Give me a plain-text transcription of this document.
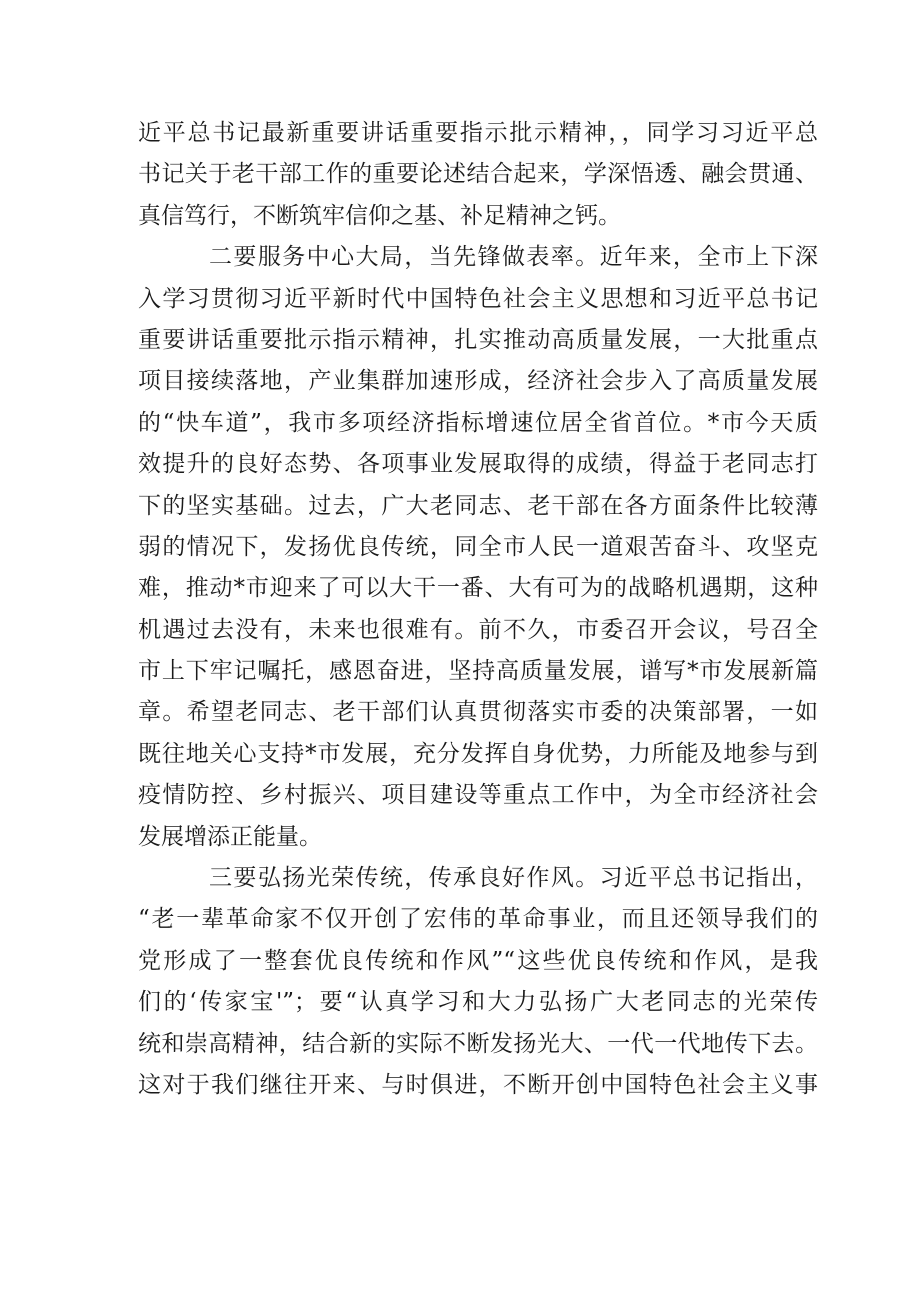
近平总书记最新重要讲话重要指示批示精神，，同学习习近平总
书记关于老干部工作的重要论述结合起来，学深悟透、融会贯通、
真信笃行，不断筑牢信仰之基、补足精神之钙。
二要服务中心大局，当先锋做表率。近年来，全市上下深
入学习贯彻习近平新时代中国特色社会主义思想和习近平总书记
重要讲话重要批示指示精神，扎实推动高质量发展，一大批重点
项目接续落地，产业集群加速形成，经济社会步入了高质量发展
的“快车道”，我市多项经济指标增速位居全省首位。*市今天质
效提升的良好态势、各项事业发展取得的成绩，得益于老同志打
下的坚实基础。过去，广大老同志、老干部在各方面条件比较薄
弱的情况下，发扬优良传统，同全市人民一道艰苦奋斗、攻坚克
难，推动*市迎来了可以大干一番、大有可为的战略机遇期，这种
机遇过去没有，未来也很难有。前不久，市委召开会议，号召全
市上下牢记嘱托，感恩奋进，坚持高质量发展，谱写*市发展新篇
章。希望老同志、老干部们认真贯彻落实市委的决策部署，一如
既往地关心支持*市发展，充分发挥自身优势，力所能及地参与到
疫情防控、乡村振兴、项目建设等重点工作中，为全市经济社会
发展增添正能量。
三要弘扬光荣传统，传承良好作风。习近平总书记指出，
“老一辈革命家不仅开创了宏伟的革命事业，而且还领导我们的
党形成了一整套优良传统和作风”“这些优良传统和作风，是我
们的‘传家宝'”；要“认真学习和大力弘扬广大老同志的光荣传
统和崇高精神，结合新的实际不断发扬光大、一代一代地传下去。
这对于我们继往开来、与时俱进，不断开创中国特色社会主义事
